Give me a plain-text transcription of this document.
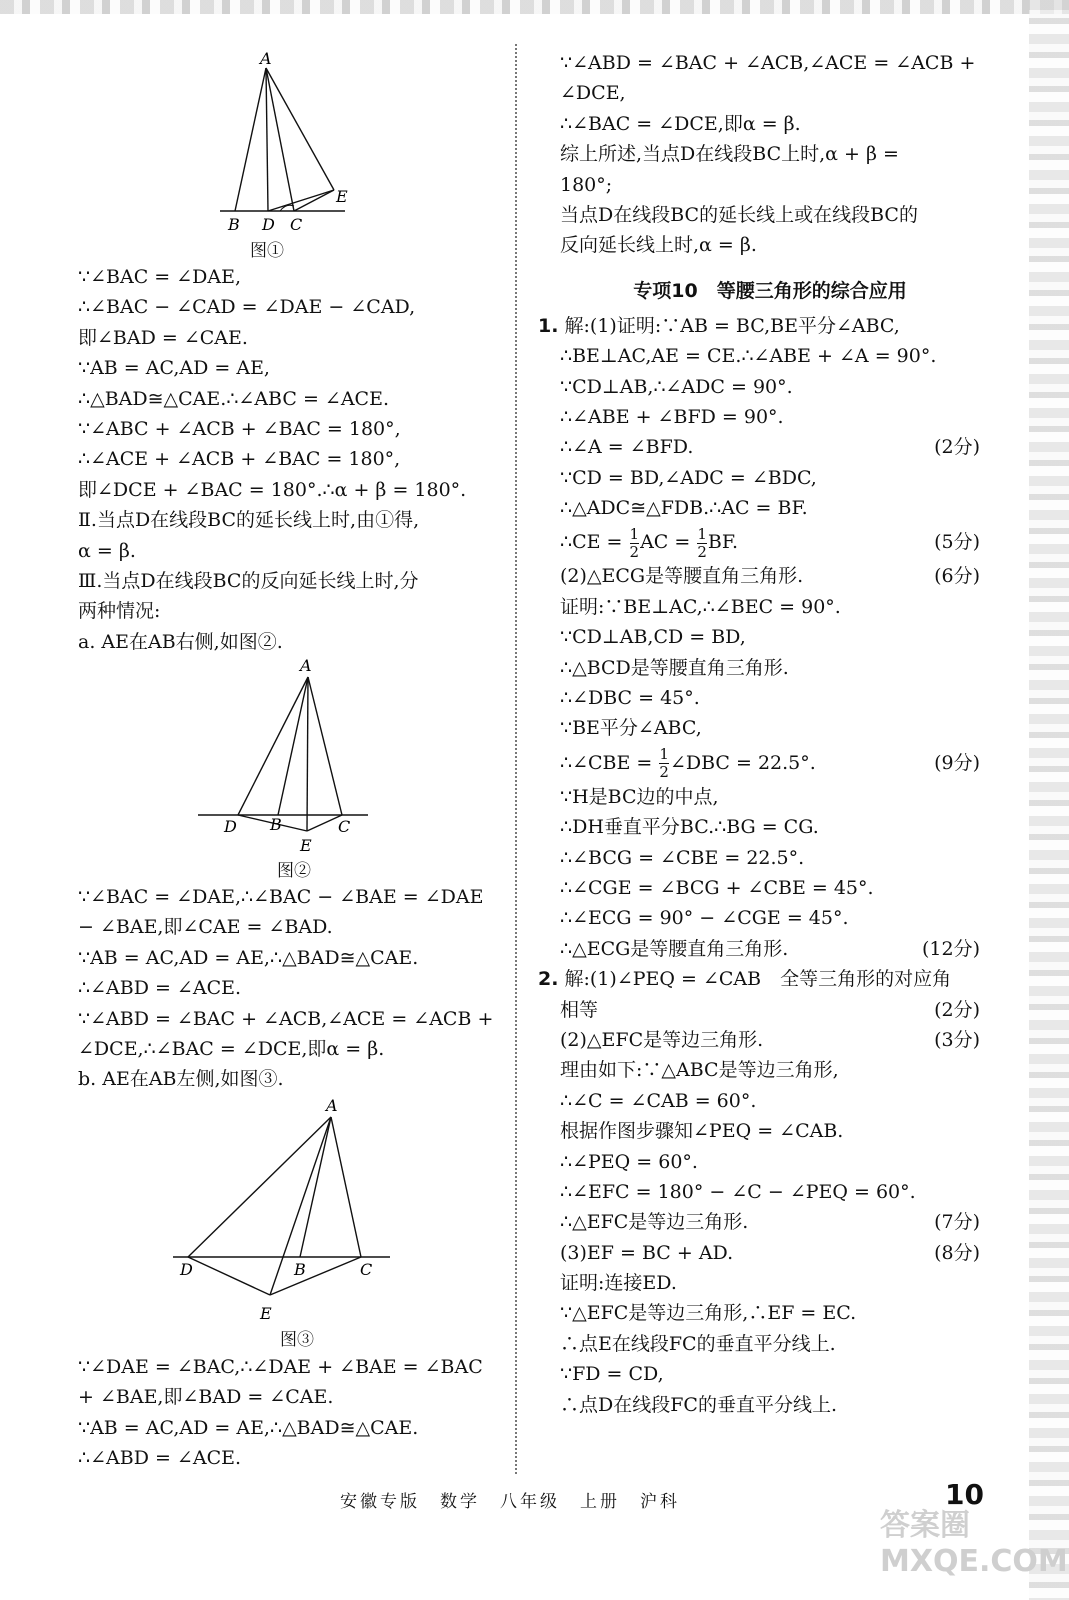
A
B D C
E
图①
∵∠BAC = ∠DAE,
∴∠BAC − ∠CAD = ∠DAE − ∠CAD,
即∠BAD = ∠CAE.
∵AB = AC,AD = AE,
∴△BAD≅△CAE.∴∠ABC = ∠ACE.
∵∠ABC + ∠ACB + ∠BAC = 180°,
∴∠ACE + ∠ACB + ∠BAC = 180°,
即∠DCE + ∠BAC = 180°.∴α + β = 180°.
Ⅱ.当点D在线段BC的延长线上时,由①得,
α = β.
Ⅲ.当点D在线段BC的反向延长线上时,分
两种情况:
a. AE在AB右侧,如图②.
A
D B	C
E
图②
∵∠BAC = ∠DAE,∴∠BAC − ∠BAE = ∠DAE
− ∠BAE,即∠CAE = ∠BAD.
∵AB = AC,AD = AE,∴△BAD≅△CAE.
∴∠ABD = ∠ACE.
∵∠ABD = ∠BAC + ∠ACB,∠ACE = ∠ACB +
∠DCE,∴∠BAC = ∠DCE,即α = β.
b. AE在AB左侧,如图③.
A
D	B	C
E
图③
∵∠DAE = ∠BAC,∴∠DAE + ∠BAE = ∠BAC
+ ∠BAE,即∠BAD = ∠CAE.
∵AB = AC,AD = AE,∴△BAD≅△CAE.
∴∠ABD = ∠ACE.
∵∠ABD = ∠BAC + ∠ACB,∠ACE = ∠ACB +
∠DCE,
∴∠BAC = ∠DCE,即α = β.
综上所述,当点D在线段BC上时,α + β =
180°;
当点D在线段BC的延长线上或在线段BC的
反向延长线上时,α = β.
专项10　等腰三角形的综合应用
1. 解:(1)证明:∵AB = BC,BE平分∠ABC,
∴BE⊥AC,AE = CE.∴∠ABE + ∠A = 90°.
∵CD⊥AB,∴∠ADC = 90°.
∴∠ABE + ∠BFD = 90°.
∴∠A = ∠BFD.	(2分)
∵CD = BD,∠ADC = ∠BDC,
∴△ADC≅△FDB.∴AC = BF.
∴CE = $\frac{1}{2}$ AC = $\frac{1}{2}$ BF.	(5分)
(2)△ECG是等腰直角三角形.	(6分)
证明:∵BE⊥AC,∴∠BEC = 90°.
∵CD⊥AB,CD = BD,
∴△BCD是等腰直角三角形.
∴∠DBC = 45°.
∵BE平分∠ABC,
∴∠CBE = $\frac{1}{2}$ ∠DBC = 22.5°.	(9分)
∵H是BC边的中点,
∴DH垂直平分BC.∴BG = CG.
∴∠BCG = ∠CBE = 22.5°.
∴∠CGE = ∠BCG + ∠CBE = 45°.
∴∠ECG = 90° − ∠CGE = 45°.
∴△ECG是等腰直角三角形.	(12分)
2. 解:(1)∠PEQ = ∠CAB　全等三角形的对应角
相等	(2分)
(2)△EFC是等边三角形.	(3分)
理由如下:∵△ABC是等边三角形,
∴∠C = ∠CAB = 60°.
根据作图步骤知∠PEQ = ∠CAB.
∴∠PEQ = 60°.
∴∠EFC = 180° − ∠C − ∠PEQ = 60°.
∴△EFC是等边三角形.	(7分)
(3)EF = BC + AD.	(8分)
证明:连接ED.
∵△EFC是等边三角形,∴EF = EC.
∴点E在线段FC的垂直平分线上.
∵FD = CD,
∴点D在线段FC的垂直平分线上.
安徽专版　数学　八年级　上册　沪科	10
答案圈 MXQE.COM
